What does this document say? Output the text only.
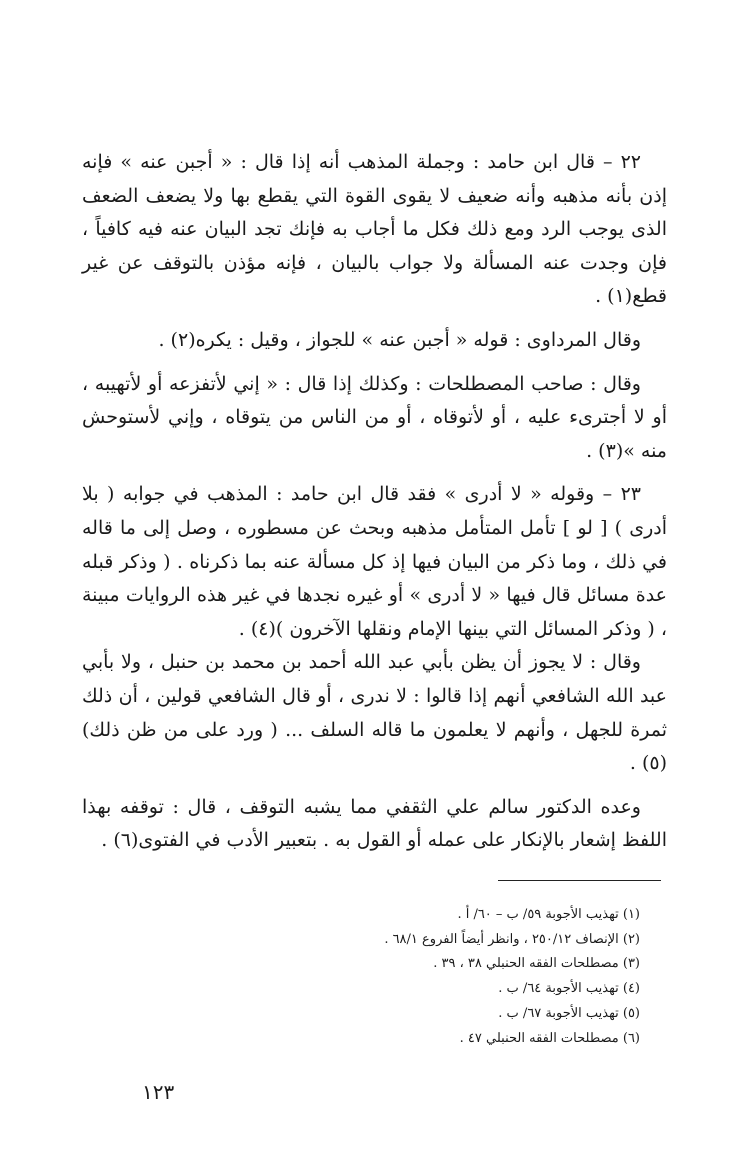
٢٢ – قال ابن حامد : وجملة المذهب أنه إذا قال : « أجبن عنه » فإنه إذن بأنه مذهبه وأنه ضعيف لا يقوى القوة التي يقطع بها ولا يضعف الضعف الذى يوجب الرد ومع ذلك فكل ما أجاب به فإنك تجد البيان عنه فيه كافياً ، فإن وجدت عنه المسألة ولا جواب بالبيان ، فإنه مؤذن بالتوقف عن غير قطع(١) .

وقال المرداوى : قوله « أجبن عنه » للجواز ، وقيل : يكره(٢) .

وقال : صاحب المصطلحات : وكذلك إذا قال : « إني لأتفزعه أو لأتهيبه ، أو لا أجترىء عليه ، أو لأتوقاه ، أو من الناس من يتوقاه ، وإني لأستوحش منه »(٣) .

٢٣ – وقوله « لا أدرى » فقد قال ابن حامد : المذهب في جوابه ( بلا أدرى ) [ لو ] تأمل المتأمل مذهبه وبحث عن مسطوره ، وصل إلى ما قاله في ذلك ، وما ذكر من البيان فيها إذ كل مسألة عنه بما ذكرناه . ( وذكر قبله عدة مسائل قال فيها « لا أدرى » أو غيره نجدها في غير هذه الروايات مبينة ، ( وذكر المسائل التي بينها الإمام ونقلها الآخرون )(٤) .

وقال : لا يجوز أن يظن بأبي عبد الله أحمد بن محمد بن حنبل ، ولا بأبي عبد الله الشافعي أنهم إذا قالوا : لا ندرى ، أو قال الشافعي قولين ، أن ذلك ثمرة للجهل ، وأنهم لا يعلمون ما قاله السلف ... ( ورد على من ظن ذلك)(٥) .

وعده الدكتور سالم علي الثقفي مما يشبه التوقف ، قال : توقفه بهذا اللفظ إشعار بالإنكار على عمله أو القول به . بتعبير الأدب في الفتوى(٦) .

(١) تهذيب الأجوبة ٥٩/ ب – ٦٠/ أ .
(٢) الإنصاف ٢٥٠/١٢ ، وانظر أيضاً الفروع ٦٨/١ .
(٣) مصطلحات الفقه الحنبلي ٣٨ ، ٣٩ .
(٤) تهذيب الأجوبة ٦٤/ ب .
(٥) تهذيب الأجوبة ٦٧/ ب .
(٦) مصطلحات الفقه الحنبلي ٤٧ .
١٢٣
